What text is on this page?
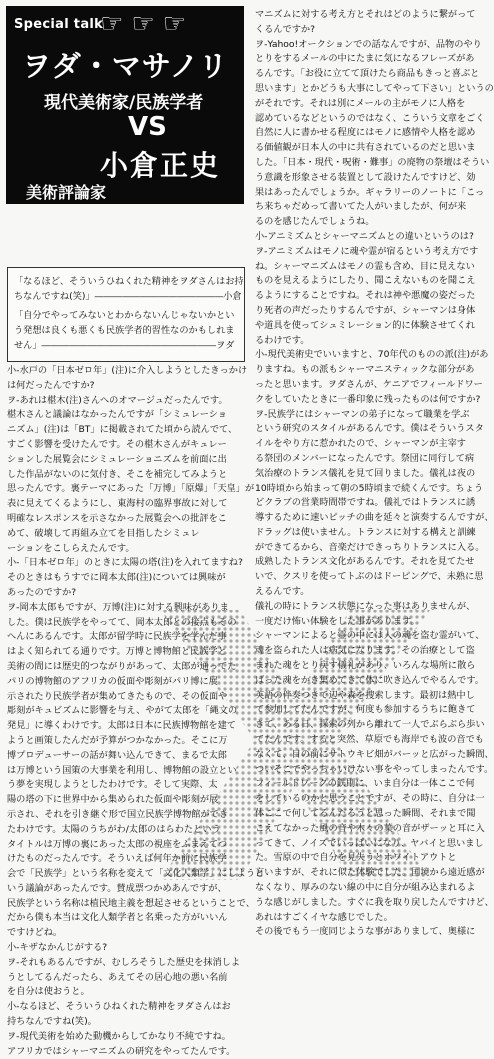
Special talk
☞ ☞ ☞
ヲダ・マサノリ
現代美術家/民族学者
VS
小倉正史
美術評論家

「なるほど、そういうひねくれた精神をヲダさんはお持

ちなんですね(笑)」――――――――――――――小倉

「自分でやってみないとわからないんじゃないかとい

う発想は良くも悪くも民族学者的習性なのかもしれま

せん」―――――――――――――――――――ヲダ

小-水戸の「日本ゼロ年」(注)に介入しようとしたきっかけ

は何だったんですか?

ヲ-あれは椹木(注)さんへのオマージュだったんです。

椹木さんと議論はなかったんですが「シミュレーショ

ニズム」(注)は「BT」に掲載されてた頃から読んでて、

すごく影響を受けたんです。その椹木さんがキュレー

ションした展覧会にシミュレーショニズムを前面に出

した作品がないのに気付き、そこを補完してみようと

思ったんです。裏テーマにあった「万博」「原爆」「天皇」が

表に見えてくるようにし、東海村の臨界事故に対して

明確なレスポンスを示さなかった展覧会への批評をこ

めて、破壊して再組み立てを目指したシミュレ

ーションをこしらえたんです。

小-「日本ゼロ年」のときに太陽の塔(注)を入れてますね?

そのときはもうすでに岡本太郎(注)については興味が

あったのですか?

ヲ-岡本太郎もですが、万博(注)に対する興味がありま

した。僕は民族学をやってて、岡本太郎との接点もその

へんにあるんです。太郎が留学時に民族学を学んだ事

はよく知られてる通りです。万博と博物館と民族学と

美術の間には歴史的つながりがあって、太郎が通ってた

パリの博物館のアフリカの仮面や彫刻がパリ博に展

示されたり民族学者が集めてきたもので、その仮面や

彫刻がキュビズムに影響を与え、やがて太郎を「縄文の

発見」に導くわけです。太郎は日本に民族博物館を建て

ようと画策したんだが予算がつかなかった。そこに万

博プロデューサーの話が舞い込んできて、まるで太郎

は万博という国策の大事業を利用し、博物館の設立とい

う夢を実現しようとしたわけです。そして実際、太

陽の塔の下に世界中から集められた仮面や彫刻が展

示され、それを引き継ぐ形で国立民族学博物館ができ

たわけです。太陽のうちがわ/太郎のはらわたという

タイトルは万博の裏にあった太郎の視座をふまえてつ

けたものだったんです。そういえば何年か前に民族学

会で「民族学」という名称を変えて「文化人類学」にしようと

いう議論があったんです。賛成票つかめあんですが、

民族学という名称は植民地主義を想起させるということで、

だから僕も本当は文化人類学者と名乗った方がいいん

ですけどね。

小-キザなかんじがする?

ヲ-それもあるんですが、むしろそうした歴史を抹消しよ

うとしてるんだったら、あえてその居心地の悪い名前

を自分は使おうと。

小-なるほど、そういうひねくれた精神をヲダさんはお

持ちなんですね(笑)。

ヲ-現代美術を始めた動機からしてかなり不純ですね。

アフリカではシャーマニズムの研究をやってたんです。

マニズムに対する考え方とそれはどのように繋がって

くるんですか?

ヲ-Yahoo!オークションでの話なんですが、品物のやり

とりをするメールの中にたまに気になるフレーズがあ

るんです。「お役に立てて頂けたら商品もきっと喜ぶと

思います」とかどうも大事にしてやって下さい」というの

がそれです。それは別にメールの主がモノに人格を

認めているなどというのではなく、こういう文章をごく

自然に人に書かせる程度にはモノに感情や人格を認め

る価値観が日本人の中に共有されているのだと思いま

した。「日本・現代・呪術・難事」の廃物の祭壇はそうい

う意識を形象させる装置として設けたんですけど、効

果はあったんでしょうか。ギャラリーのノートに「こっ

ち来ちゃだめって書いてた人がいましたが、何が来

るのを感じたんでしょうね。

小-アニミズムとシャーマニズムとの違いというのは?

ヲ-アニミズムはモノに魂や霊が宿るという考え方です

ね。シャーマニズムはモノの霊も含め、目に見えない

ものを見えるようにしたり、聞こえないものを聞こえ

るようにすることですね。それは神や悪魔の姿だった

り死者の声だったりするんですが、シャーマンは身体

や道具を使ってシュミレーション的に体験させてくれ

るわけです。

小-現代美術史でいいますと、70年代のものの派(注)があ

りますね。もの派もシャーマニスティックな部分があ

ったと思います。ヲダさんが、ケニアでフィールドワー

クをしていたときに一番印象に残ったものは何ですか?

ヲ-民族学にはシャーマンの弟子になって職業を学ぶ

という研究のスタイルがあるんです。僕はそういうスタ

イルをやり方に惹かれたので、シャーマンが主宰す

る祭団のメンバーになったんです。祭団に同行して病

気治療のトランス儀礼を見て回りました。儀礼は夜の

10時頃から始まって朝の5時頃まで続くんです。ちょう

どクラブの営業時間帯ですね。儀礼ではトランスに誘

導するために速いピッチの曲を延々と演奏するんですが、

ドラッグは使いません。トランスに対する構えと訓練

ができてるから、音楽だけできっちりトランスに入る。

成熟したトランス文化があるんです。それを見てたせ

いで、クスリを使ってトぶのはドーピングで、未熟に思

えるんです。

儀礼の時にトランス状態になった事はありませんが、

一度だけ怖い体験をした事があります。

シャーマンによると霊の中には人の魂を盗む霊がいて、

魂を盗られた人は病気になります。その治療として盗

まれた魂をとり戻す儀礼があり、いろんな場所に散ら

ばった魂をかき集めてきて体に吹き込んでやるんです。

英語の伴奏つきで辺や森を捜索します。最初は熱中し

て参加してたんですが、何度も参加するうちに飽きて

きて、ある日、探索の列から離れて一人でぶらぶら歩い

てたんです。すると突然、草原でも海岸でも波の音でも

なくて、目の前にサトウキビ畑がバーッと広がった瞬間、

ついそこでやっちゃいけない事をやってしまったんです。

フィールドワークの鉄則に、いま自分は一体ここで何

をしているのかと思うことですが、その時に、自分は一

体ここで何してるんだろうと思った瞬間、それまで聞

こえてなかった風の音や木々の葉の音がザーッと耳に入

ってきて、ノイズでいっぱいになり、ヤバイと思いまし

た。雪原の中で自分を見失うとホワイトアウトと

言いますが、それに似た体験でした。国境から遠近感が

なくなり、厚みのない線の中に自分が組み込まれるよ

うな感じがしました。すぐに我を取り戻したんですけど、

あれはすごくイヤな感じでした。

その後でもう一度同じような事がありまして、奥様に
